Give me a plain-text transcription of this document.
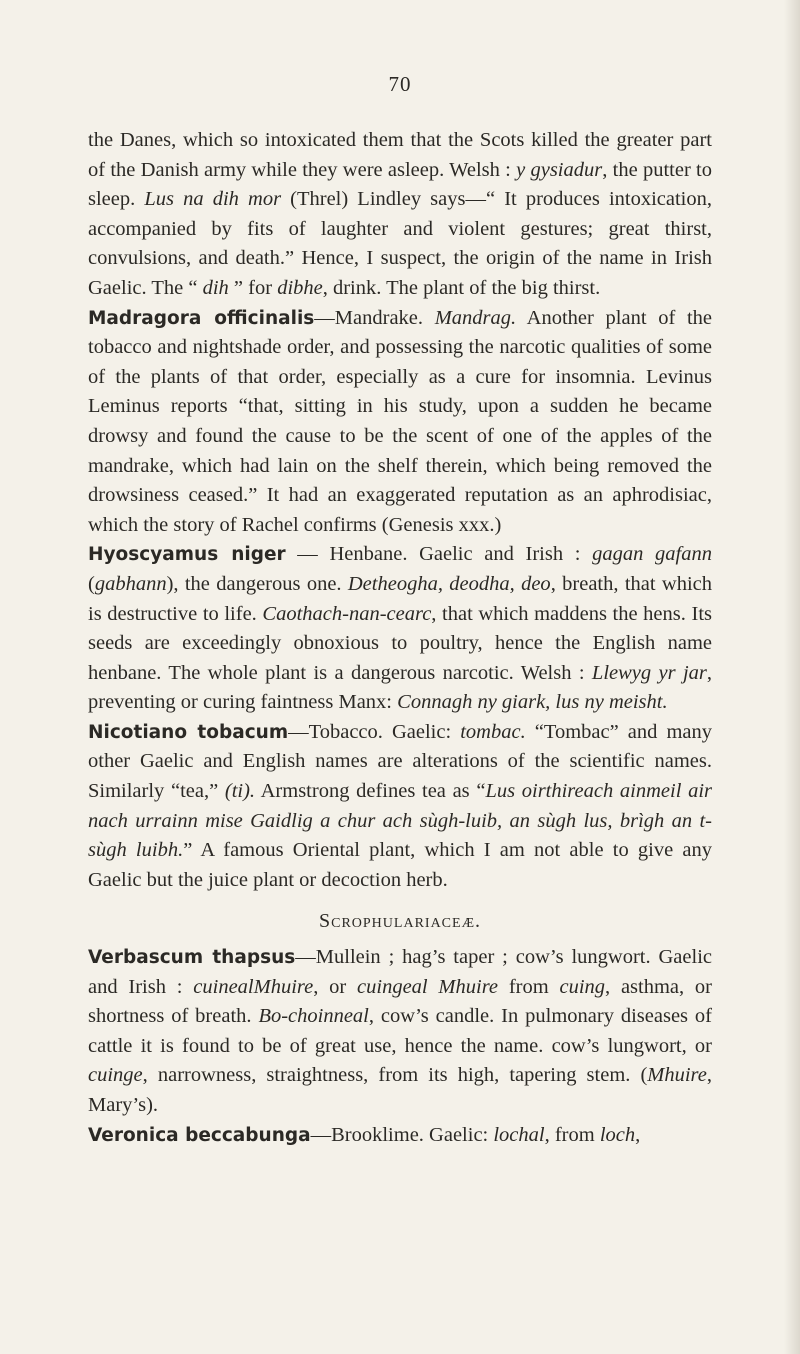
70

the Danes, which so intoxicated them that the Scots killed the greater part of the Danish army while they were asleep. Welsh : y gysiadur, the putter to sleep. Lus na dih mor (Threl) Lindley says—“ It produces intoxication, accompanied by fits of laughter and violent gestures; great thirst, convulsions, and death.” Hence, I suspect, the origin of the name in Irish Gaelic. The “ dih ” for dibhe, drink. The plant of the big thirst.

Madragora officinalis—Mandrake. Mandrag. Another plant of the tobacco and nightshade order, and possessing the narcotic qualities of some of the plants of that order, especially as a cure for insomnia. Levinus Leminus reports “that, sitting in his study, upon a sudden he became drowsy and found the cause to be the scent of one of the apples of the mandrake, which had lain on the shelf therein, which being removed the drowsiness ceased.” It had an exaggerated reputation as an aphrodisiac, which the story of Rachel confirms (Genesis xxx.)

Hyoscyamus niger — Henbane. Gaelic and Irish : gagan gafann (gabhann), the dangerous one. Detheogha, deodha, deo, breath, that which is destructive to life. Caothach-nan-cearc, that which maddens the hens. Its seeds are exceedingly obnoxious to poultry, hence the English name henbane. The whole plant is a dangerous narcotic. Welsh : Llewyg yr jar, preventing or curing faintness Manx: Connagh ny giark, lus ny meisht.

Nicotiano tobacum—Tobacco. Gaelic: tombac. “Tombac” and many other Gaelic and English names are alterations of the scientific names. Similarly “tea,” (ti). Armstrong defines tea as “Lus oirthireach ainmeil air nach urrainn mise Gaidlig a chur ach sùgh-luib, an sùgh lus, brìgh an t-sùgh luibh.” A famous Oriental plant, which I am not able to give any Gaelic but the juice plant or decoction herb.

Scrophulariaceæ.

Verbascum thapsus—Mullein ; hag’s taper ; cow’s lungwort. Gaelic and Irish : cuinealMhuire, or cuingeal Mhuire from cuing, asthma, or shortness of breath. Bo-choinneal, cow’s candle. In pulmonary diseases of cattle it is found to be of great use, hence the name. cow’s lungwort, or cuinge, narrowness, straightness, from its high, tapering stem. (Mhuire, Mary’s).

Veronica beccabunga—Brooklime. Gaelic: lochal, from loch,
